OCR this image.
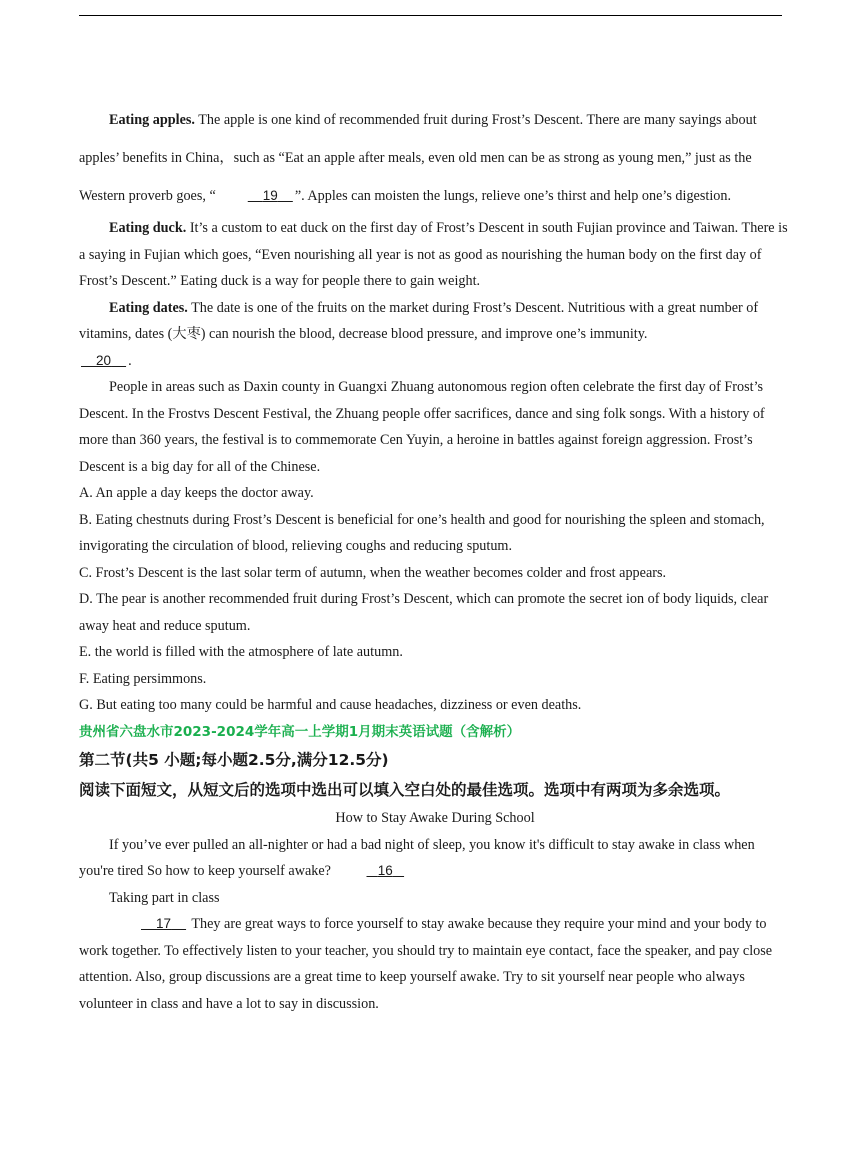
Eating apples. The apple is one kind of recommended fruit during Frost’s Descent. There are many sayings about apples’ benefits in China，such as “Eat an apple after meals, even old men can be as strong as young men,” just as the Western proverb goes, “	19 ”. Apples can moisten the lungs, relieve one’s thirst and help one’s digestion.

Eating duck. It’s a custom to eat duck on the first day of Frost’s Descent in south Fujian province and Taiwan. There is a saying in Fujian which goes, “Even nourishing all year is not as good as nourishing the human body on the first day of Frost’s Descent.” Eating duck is a way for people there to gain weight.

Eating dates. The date is one of the fruits on the market during Frost’s Descent. Nutritious with a great number of vitamins, dates (大枣) can nourish the blood, decrease blood pressure, and improve one’s immunity.

20 .

People in areas such as Daxin county in Guangxi Zhuang autonomous region often celebrate the first day of Frost’s Descent. In the Frostvs Descent Festival, the Zhuang people offer sacrifices, dance and sing folk songs. With a history of more than 360 years, the festival is to commemorate Cen Yuyin, a heroine in battles against foreign aggression. Frost’s Descent is a big day for all of the Chinese.

A. An apple a day keeps the doctor away.

B. Eating chestnuts during Frost’s Descent is beneficial for one’s health and good for nourishing the spleen and stomach, invigorating the circulation of blood, relieving coughs and reducing sputum.

C. Frost’s Descent is the last solar term of autumn, when the weather becomes colder and frost appears.

D. The pear is another recommended fruit during Frost’s Descent, which can promote the secret ion of body liquids, clear away heat and reduce sputum.

E. the world is filled with the atmosphere of late autumn.

F. Eating persimmons.

G. But eating too many could be harmful and cause headaches, dizziness or even deaths.

贵州省六盘水市2023-2024学年高一上学期1月期末英语试题（含解析）

第二节(共5 小题;每小题2.5分,满分12.5分)

阅读下面短文，从短文后的选项中选出可以填入空白处的最佳选项。选项中有两项为多余选项。

How to Stay Awake During School

If you’ve ever pulled an all-nighter or had a bad night of sleep, you know it's difficult to stay awake in class when you're tired So how to keep yourself awake?	16

Taking part in class

17     They are great ways to force yourself to stay awake because they require your mind and your body to work together. To effectively listen to your teacher, you should try to maintain eye contact, face the speaker, and pay close attention. Also, group discussions are a great time to keep yourself awake. Try to sit yourself near people who always volunteer in class and have a lot to say in discussion.
